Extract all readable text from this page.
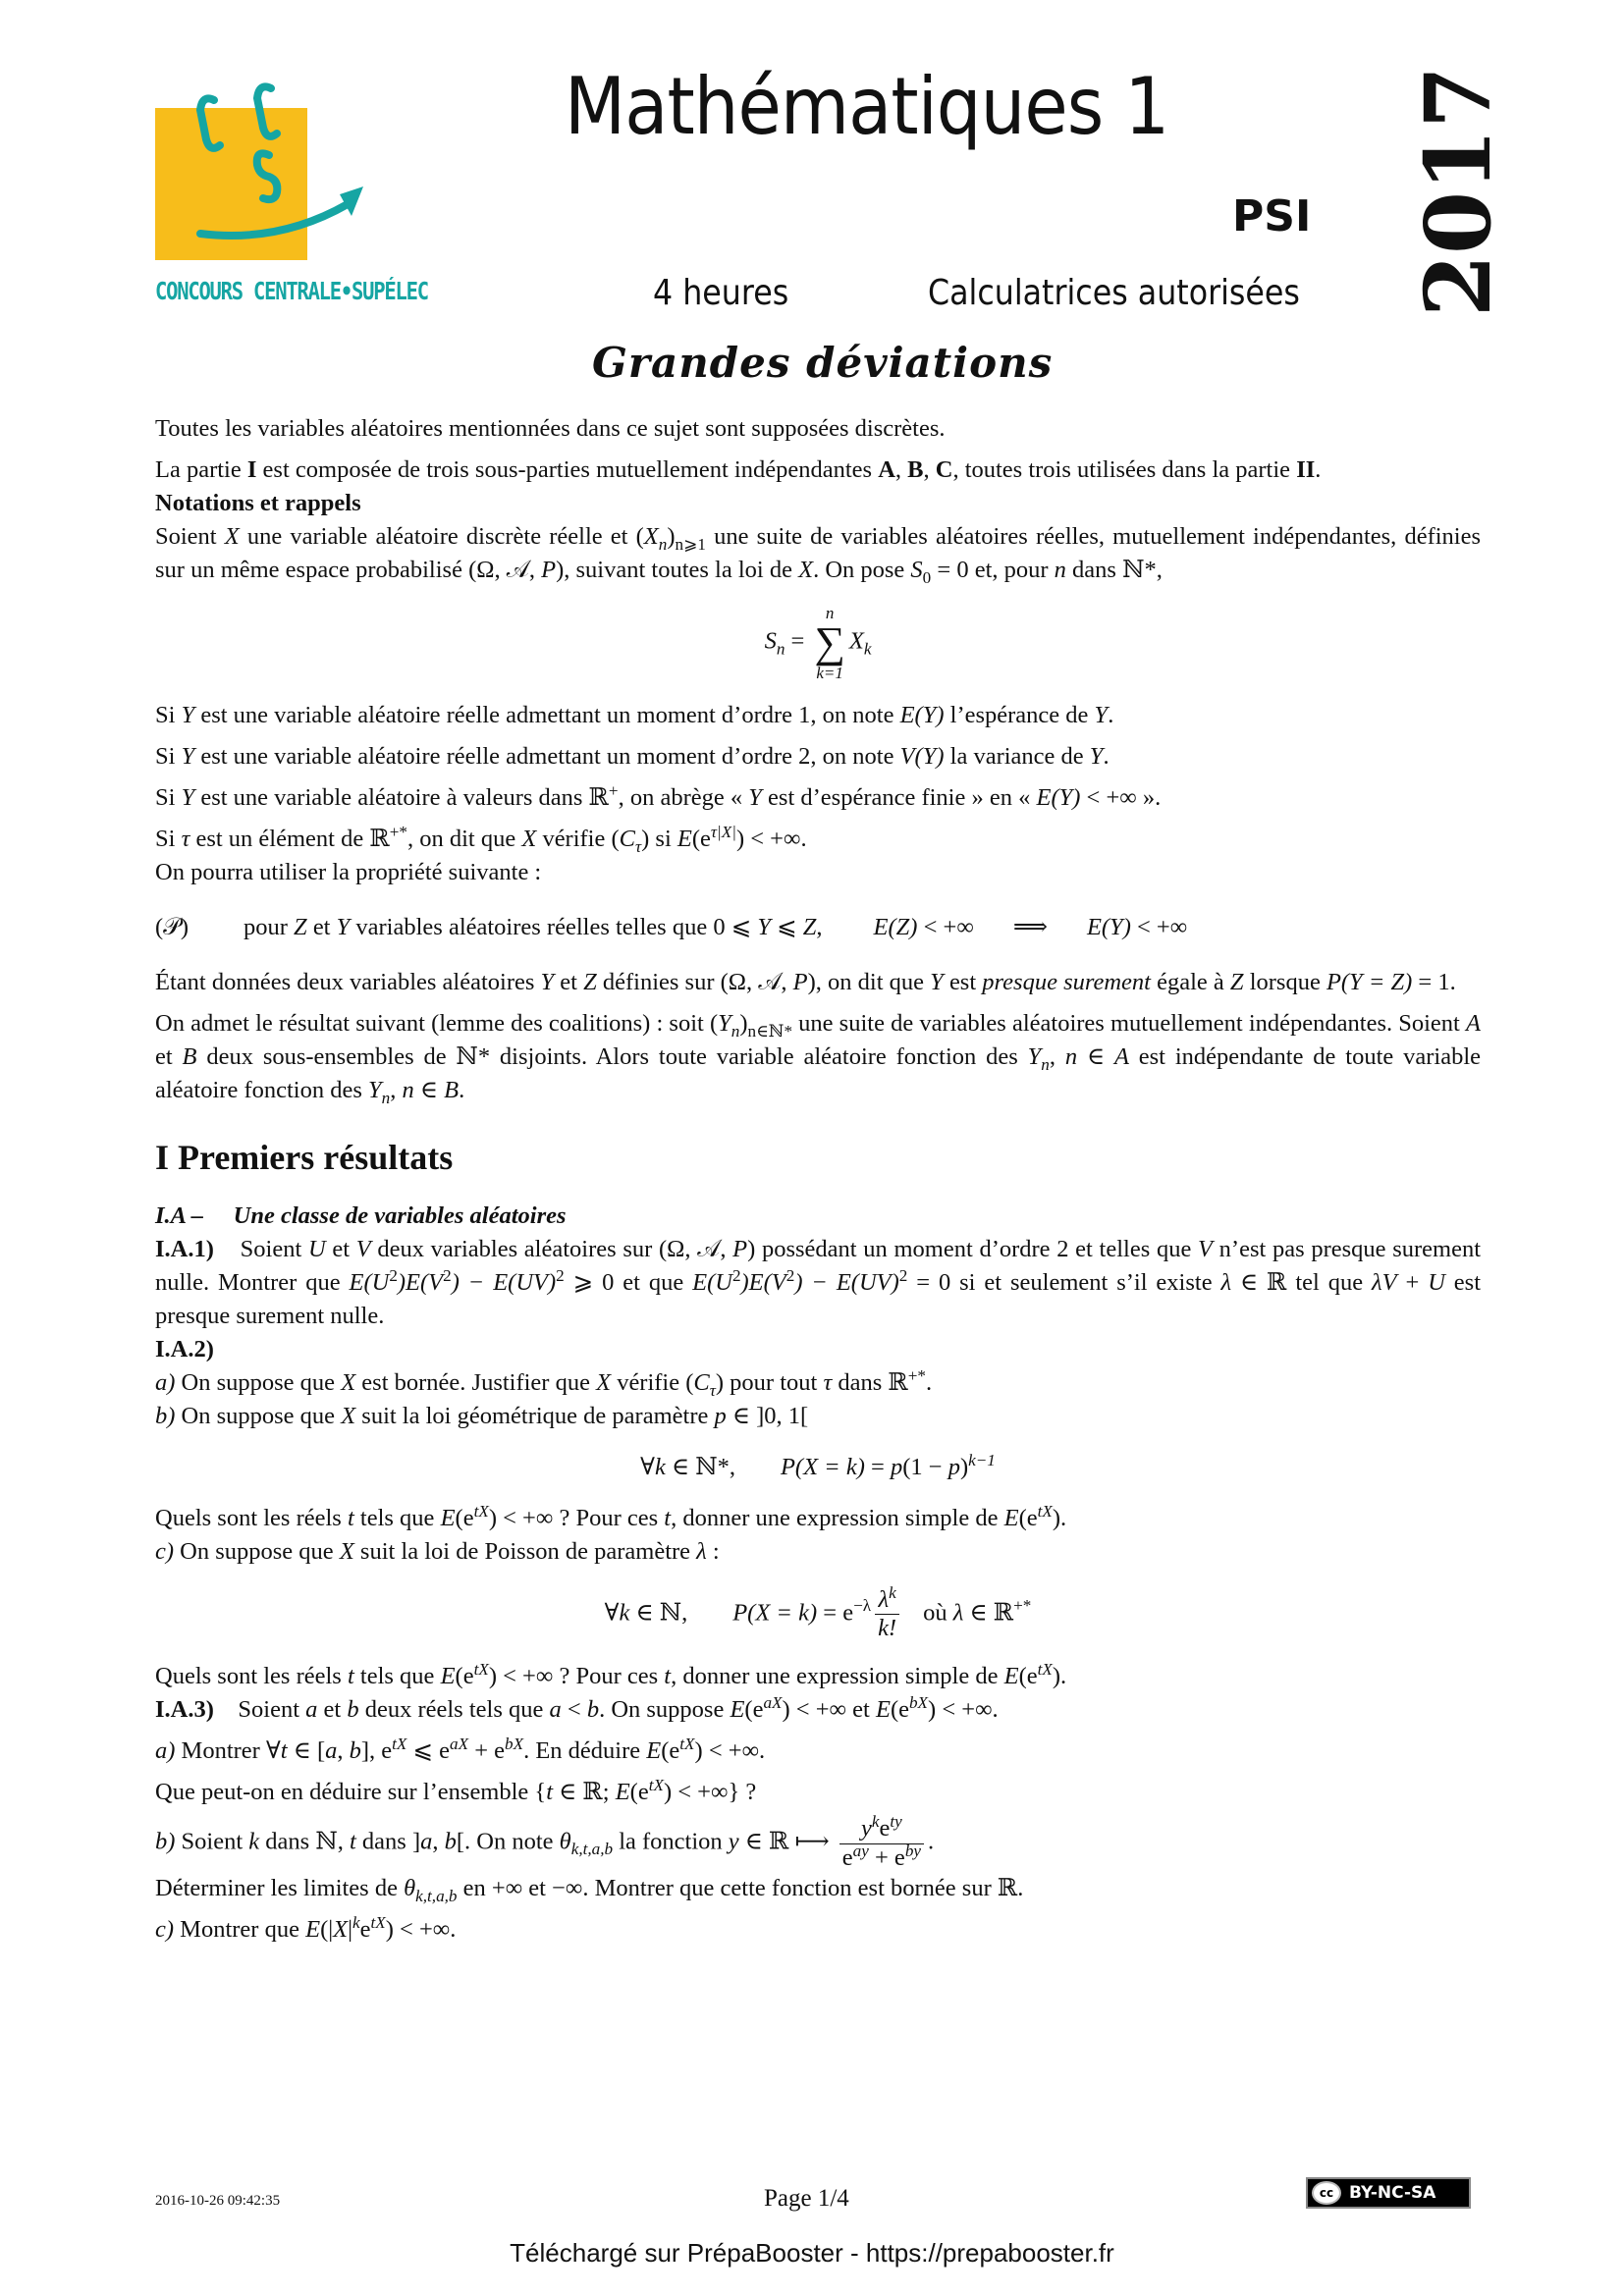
CONCOURS CENTRALE•SUPÉLEC
Mathématiques 1
PSI 2017
4 heures	Calculatrices autorisées
Grandes déviations

Toutes les variables aléatoires mentionnées dans ce sujet sont supposées discrètes.

La partie I est composée de trois sous-parties mutuellement indépendantes A, B, C, toutes trois utilisées dans la partie II.

Notations et rappels

Soient X une variable aléatoire discrète réelle et $(X_n)_{n⩾1}$ une suite de variables aléatoires réelles, mutuellement indépendantes, définies sur un même espace probabilisé (Ω, 𝒜, P), suivant toutes la loi de X. On pose $S_0 = 0$ et, pour n dans ℕ*,

$S_n$ =
n
∑
k=1
$X_k$

Si Y est une variable aléatoire réelle admettant un moment d’ordre 1, on note E(Y) l’espérance de Y.

Si Y est une variable aléatoire réelle admettant un moment d’ordre 2, on note V(Y) la variance de Y.

Si Y est une variable aléatoire à valeurs dans ℝ+, on abrège « Y est d’espérance finie » en « E(Y) < +∞ ».

Si τ est un élément de ℝ+*, on dit que X vérifie $(C_\tau)$ si $E(e^{\tau|X|})$ < +∞.

On pourra utiliser la propriété suivante :

(𝒫)	pour Z et Y variables aléatoires réelles telles que 0 ⩽ Y ⩽ Z, E(Z) < +∞ ⟹ E(Y) < +∞

Étant données deux variables aléatoires Y et Z définies sur (Ω, 𝒜, P), on dit que Y est presque surement égale à Z lorsque P(Y = Z) = 1.

On admet le résultat suivant (lemme des coalitions) : soit $(Y_n)_{n\in ℕ*}$ une suite de variables aléatoires mutuellement indépendantes. Soient A et B deux sous-ensembles de ℕ* disjoints. Alors toute variable aléatoire fonction des $Y_n$, n ∈ A est indépendante de toute variable aléatoire fonction des $Y_n$, n ∈ B.

I Premiers résultats

I.A –     Une classe de variables aléatoires

I.A.1) Soient U et V deux variables aléatoires sur (Ω, 𝒜, P) possédant un moment d’ordre 2 et telles que V n’est pas presque surement nulle. Montrer que $E(U^2)E(V^2) - E(UV)^2$ ⩾ 0 et que $E(U^2)E(V^2) - E(UV)^2 = 0$ si et seulement s’il existe λ ∈ ℝ tel que λV + U est presque surement nulle.

I.A.2)

a) On suppose que X est bornée. Justifier que X vérifie $(C_\tau)$ pour tout τ dans ℝ+*.

b) On suppose que X suit la loi géométrique de paramètre p ∈ ]0, 1[

∀k ∈ ℕ*, $P(X = k) = p(1 - p)^{k-1}$

Quels sont les réels t tels que $E(e^{tX})$ < +∞ ? Pour ces t, donner une expression simple de $E(e^{tX})$.

c) On suppose que X suit la loi de Poisson de paramètre λ :

∀k ∈ ℕ, $P(X = k) = e^{-\lambda} \frac{\lambda^k}{k!}$ où λ ∈ ℝ+*

Quels sont les réels t tels que $E(e^{tX})$ < +∞ ? Pour ces t, donner une expression simple de $E(e^{tX})$.

I.A.3) Soient a et b deux réels tels que a < b. On suppose $E(e^{aX})$ < +∞ et $E(e^{bX})$ < +∞.

a) Montrer ∀t ∈ [a, b], $e^{tX}$ ⩽ $e^{aX} + e^{bX}$. En déduire $E(e^{tX})$ < +∞.

Que peut-on en déduire sur l’ensemble {t ∈ ℝ; $E(e^{tX})$ < +∞} ?

b) Soient k dans ℕ, t dans ]a, b[. On note $\theta_{k,t,a,b}$ la fonction y ∈ ℝ ⟼ $\frac{y^ke^{ty}}{e^{ay} + e^{by}}$ .

Déterminer les limites de $\theta_{k,t,a,b}$ en +∞ et −∞. Montrer que cette fonction est bornée sur ℝ.

c) Montrer que $E(|X|^ke^{tX})$ < +∞.

2016-10-26 09:42:35	Page 1/4	cc BY-NC-SA
Téléchargé sur PrépaBooster - https://prepabooster.fr
